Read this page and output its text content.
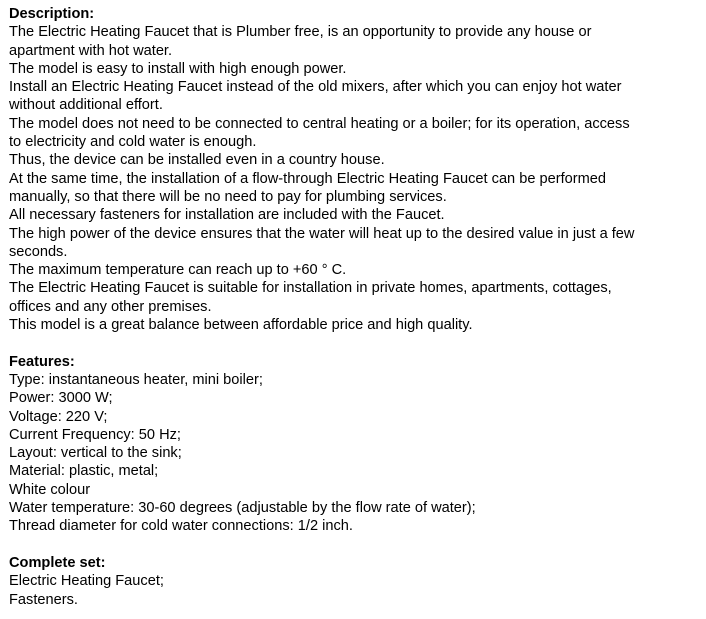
Description:
The Electric Heating Faucet that is Plumber free, is an opportunity to provide any house or
apartment with hot water.
The model is easy to install with high enough power.
Install an Electric Heating Faucet instead of the old mixers, after which you can enjoy hot water
without additional effort.
The model does not need to be connected to central heating or a boiler; for its operation, access
to electricity and cold water is enough.
Thus, the device can be installed even in a country house.
At the same time, the installation of a flow-through Electric Heating Faucet can be performed
manually, so that there will be no need to pay for plumbing services.
All necessary fasteners for installation are included with the Faucet.
The high power of the device ensures that the water will heat up to the desired value in just a few
seconds.
The maximum temperature can reach up to +60 ° C.
The Electric Heating Faucet is suitable for installation in private homes, apartments, cottages,
offices and any other premises.
This model is a great balance between affordable price and high quality.
Features:
Type: instantaneous heater, mini boiler;
Power: 3000 W;
Voltage: 220 V;
Current Frequency: 50 Hz;
Layout: vertical to the sink;
Material: plastic, metal;
White colour
Water temperature: 30-60 degrees (adjustable by the flow rate of water);
Thread diameter for cold water connections: 1/2 inch.
Complete set:
Electric Heating Faucet;
Fasteners.
